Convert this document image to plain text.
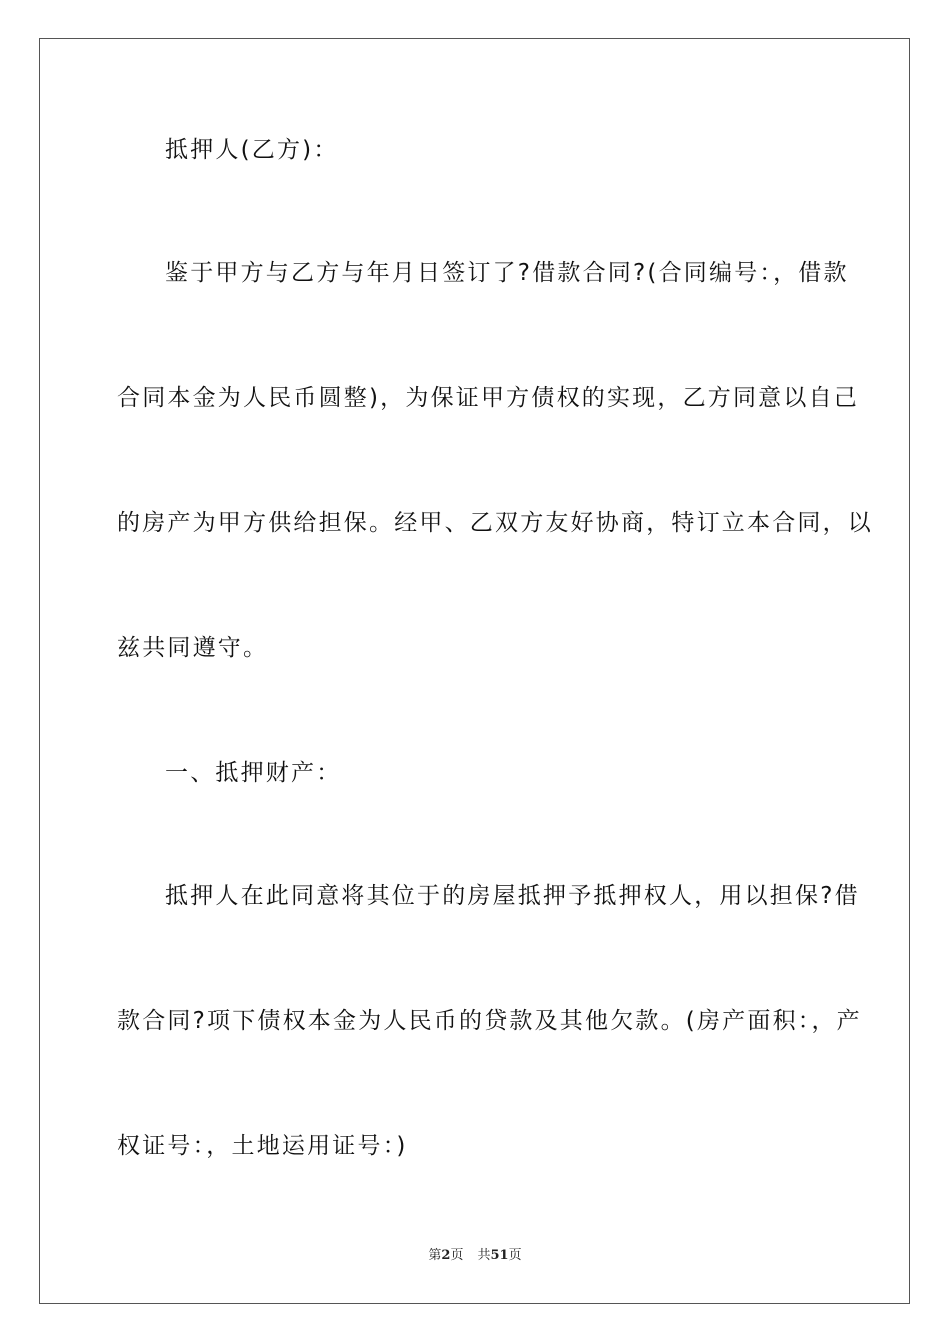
抵押人(乙方)：
鉴于甲方与乙方与年月日签订了?借款合同?(合同编号：，借款
合同本金为人民币圆整)，为保证甲方债权的实现，乙方同意以自己
的房产为甲方供给担保。经甲、乙双方友好协商，特订立本合同，以
兹共同遵守。
一、抵押财产：
抵押人在此同意将其位于的房屋抵押予抵押权人，用以担保?借
款合同?项下债权本金为人民币的贷款及其他欠款。(房产面积：，产
权证号：，土地运用证号：)
第2页 共51页
